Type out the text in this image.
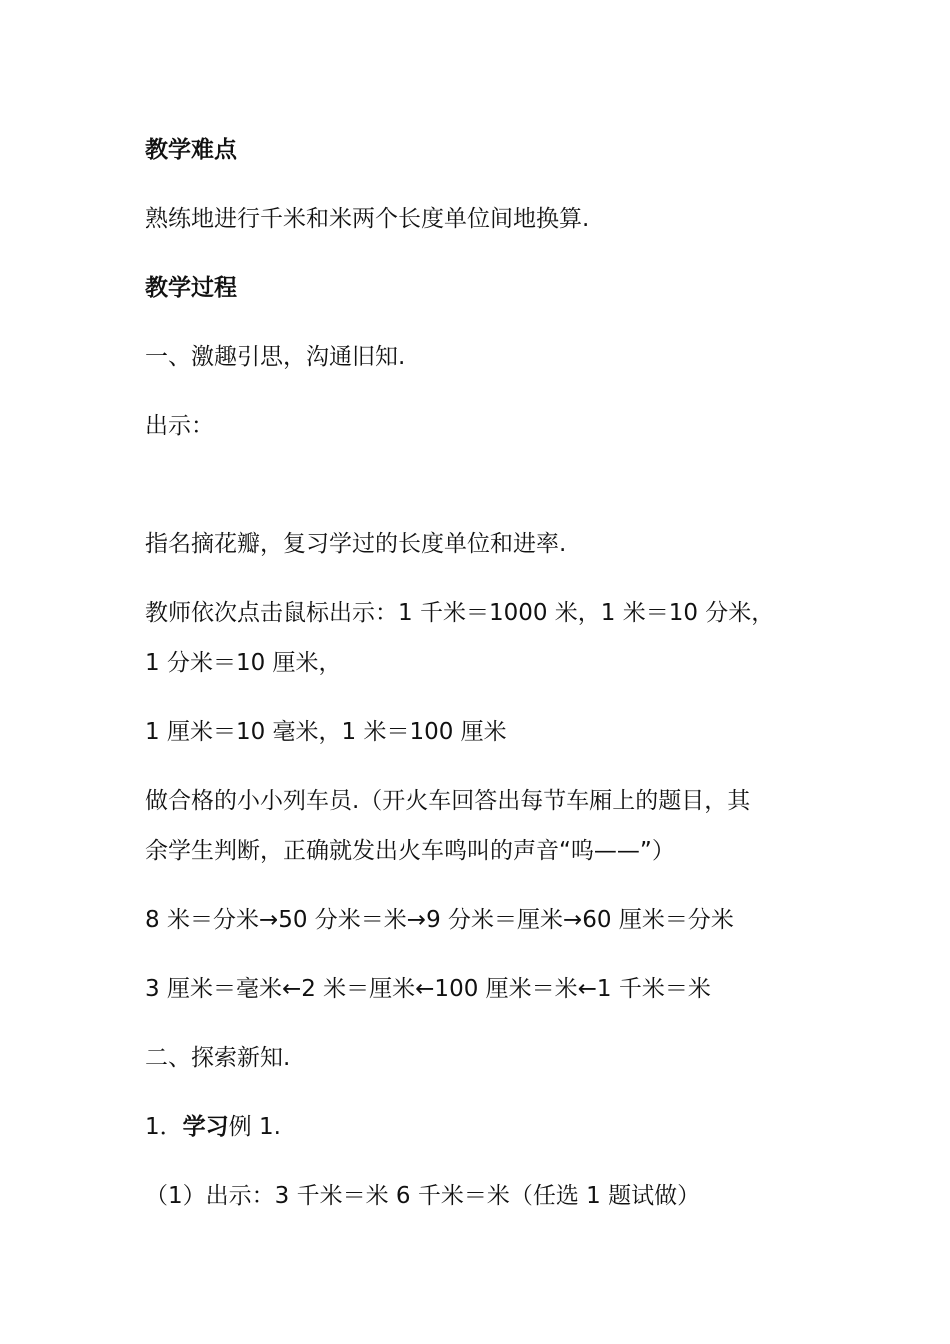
教学难点
熟练地进行千米和米两个长度单位间地换算.
教学过程
一、激趣引思，沟通旧知.
出示：
指名摘花瓣，复习学过的长度单位和进率.
教师依次点击鼠标出示：1 千米＝1000 米，1 米＝10 分米，
1 分米＝10 厘米，
1 厘米＝10 毫米，1 米＝100 厘米
做合格的小小列车员.（开火车回答出每节车厢上的题目，其
余学生判断，正确就发出火车鸣叫的声音“呜——”）
8 米＝分米→50 分米＝米→9 分米＝厘米→60 厘米＝分米
3 厘米＝毫米←2 米＝厘米←100 厘米＝米←1 千米＝米
二、探索新知.
1．学习例 1.
（1）出示：3 千米＝米 6 千米＝米（任选 1 题试做）
